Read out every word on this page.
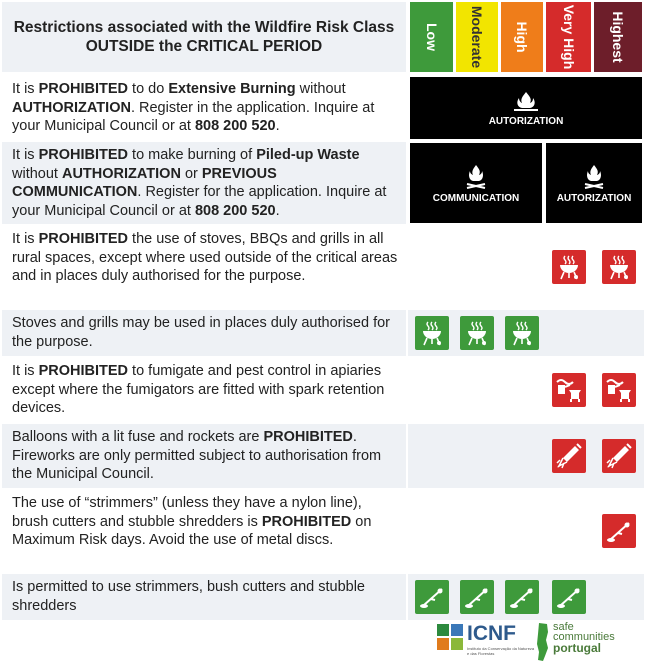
Restrictions associated with the Wildfire Risk Class OUTSIDE the CRITICAL PERIOD	Low Moderate High Very High Highest
It is PROHIBITED to do Extensive Burning without AUTHORIZATION. Register in the application. Inquire at your Municipal Council or at 808 200 520.
It is PROHIBITED to make burning of Piled-up Waste without AUTHORIZATION or PREVIOUS COMMUNICATION. Register for the application. Inquire at your Municipal Council or at 808 200 520.
It is PROHIBITED the use of stoves, BBQs and grills in all rural spaces, except where used outside of the critical areas and in places duly authorised for the purpose.
Stoves and grills may be used in places duly authorised for the purpose.
It is PROHIBITED to fumigate and pest control in apiaries except where the fumigators are fitted with spark retention devices.
Balloons with a lit fuse and rockets are PROHIBITED. Fireworks are only permitted subject to authorisation from the Municipal Council.
The use of “strimmers” (unless they have a nylon line), brush cutters and stubble shredders is PROHIBITED on Maximum Risk days. Avoid the use of metal discs.
Is permitted to use strimmers, bush cutters and stubble shredders
AUTORIZATION
COMMUNICATION	AUTORIZATION
ICNF
Instituto da Conservação da Natureza e das Florestas
safe
communities
portugal
